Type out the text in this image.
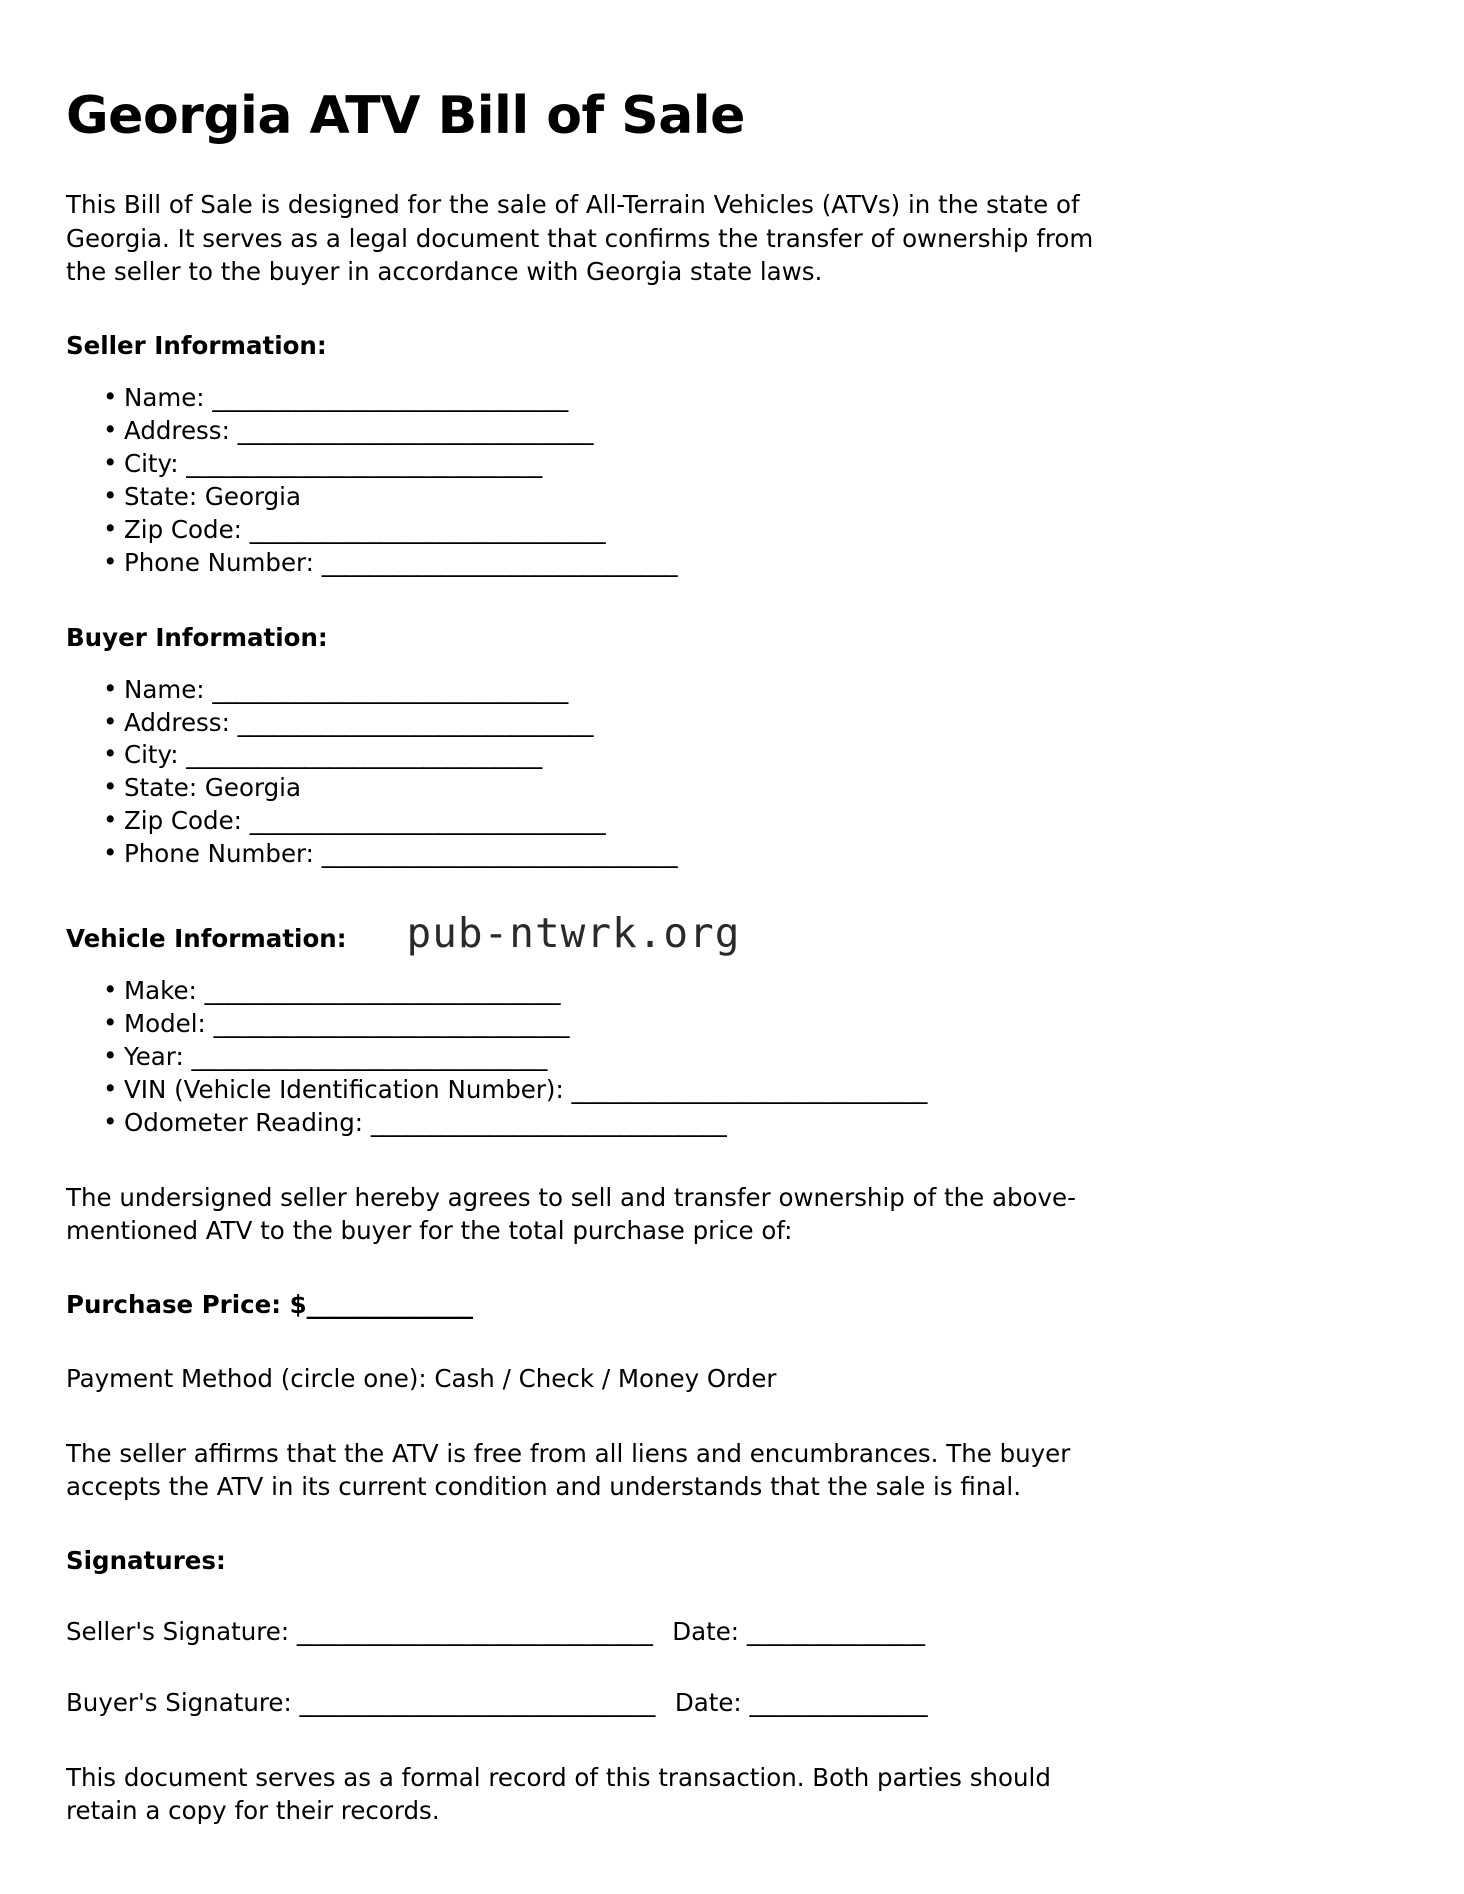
Georgia ATV Bill of Sale

This Bill of Sale is designed for the sale of All-Terrain Vehicles (ATVs) in the state of Georgia. It serves as a legal document that confirms the transfer of ownership from the seller to the buyer in accordance with Georgia state laws.

Seller Information:
• Name: ______________________________
• Address: ______________________________
• City: ______________________________
• State: Georgia
• Zip Code: ______________________________
• Phone Number: ______________________________
Buyer Information:
• Name: ______________________________
• Address: ______________________________
• City: ______________________________
• State: Georgia
• Zip Code: ______________________________
• Phone Number: ______________________________
Vehicle Information: pub-ntwrk.org
• Make: ______________________________
• Model: ______________________________
• Year: ______________________________
• VIN (Vehicle Identification Number): ______________________________
• Odometer Reading: ______________________________

The undersigned seller hereby agrees to sell and transfer ownership of the above-mentioned ATV to the buyer for the total purchase price of:

Purchase Price: $______________

Payment Method (circle one): Cash / Check / Money Order

The seller affirms that the ATV is free from all liens and encumbrances. The buyer accepts the ATV in its current condition and understands that the sale is final.

Signatures:

Seller's Signature: ______________________________ Date: _______________

Buyer's Signature: ______________________________ Date: _______________

This document serves as a formal record of this transaction. Both parties should retain a copy for their records.
